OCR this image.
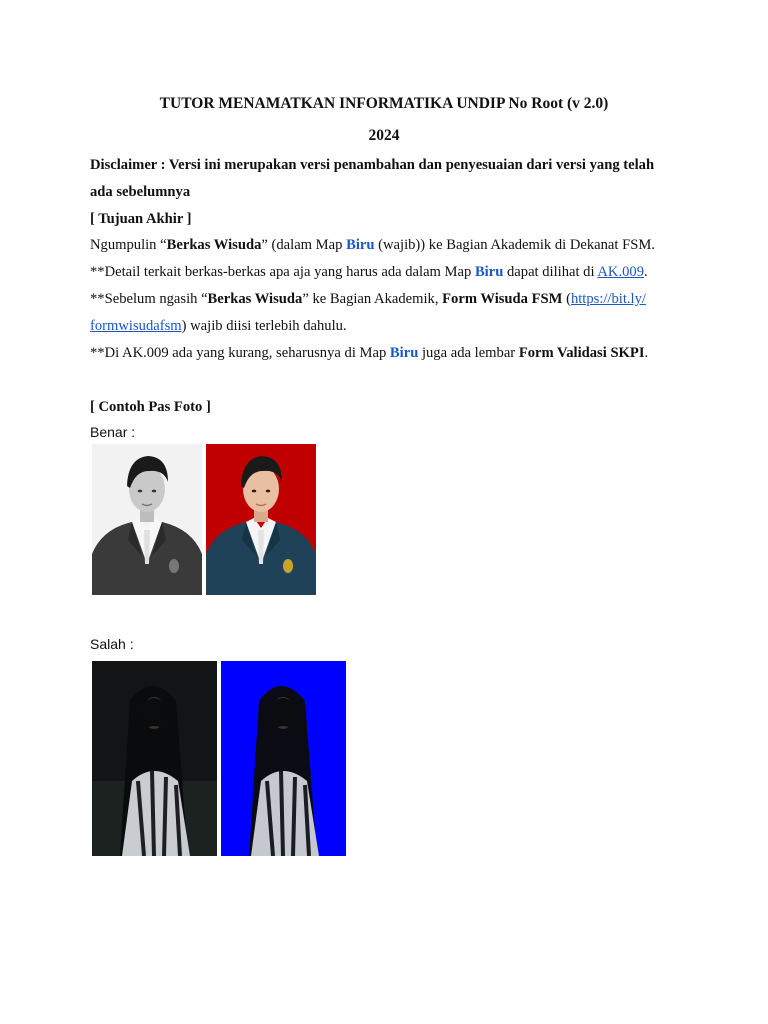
TUTOR MENAMATKAN INFORMATIKA UNDIP No Root (v 2.0)
2024
Disclaimer : Versi ini merupakan versi penambahan dan penyesuaian dari versi yang telah
ada sebelumnya
[ Tujuan Akhir ]
Ngumpulin “Berkas Wisuda” (dalam Map Biru (wajib)) ke Bagian Akademik di Dekanat FSM.
**Detail terkait berkas-berkas apa aja yang harus ada dalam Map Biru dapat dilihat di AK.009.
**Sebelum ngasih “Berkas Wisuda” ke Bagian Akademik, Form Wisuda FSM (https://bit.ly/
formwisudafsm) wajib diisi terlebih dahulu.
**Di AK.009 ada yang kurang, seharusnya di Map Biru juga ada lembar Form Validasi SKPI.
[ Contoh Pas Foto ]
Benar :
Salah :
